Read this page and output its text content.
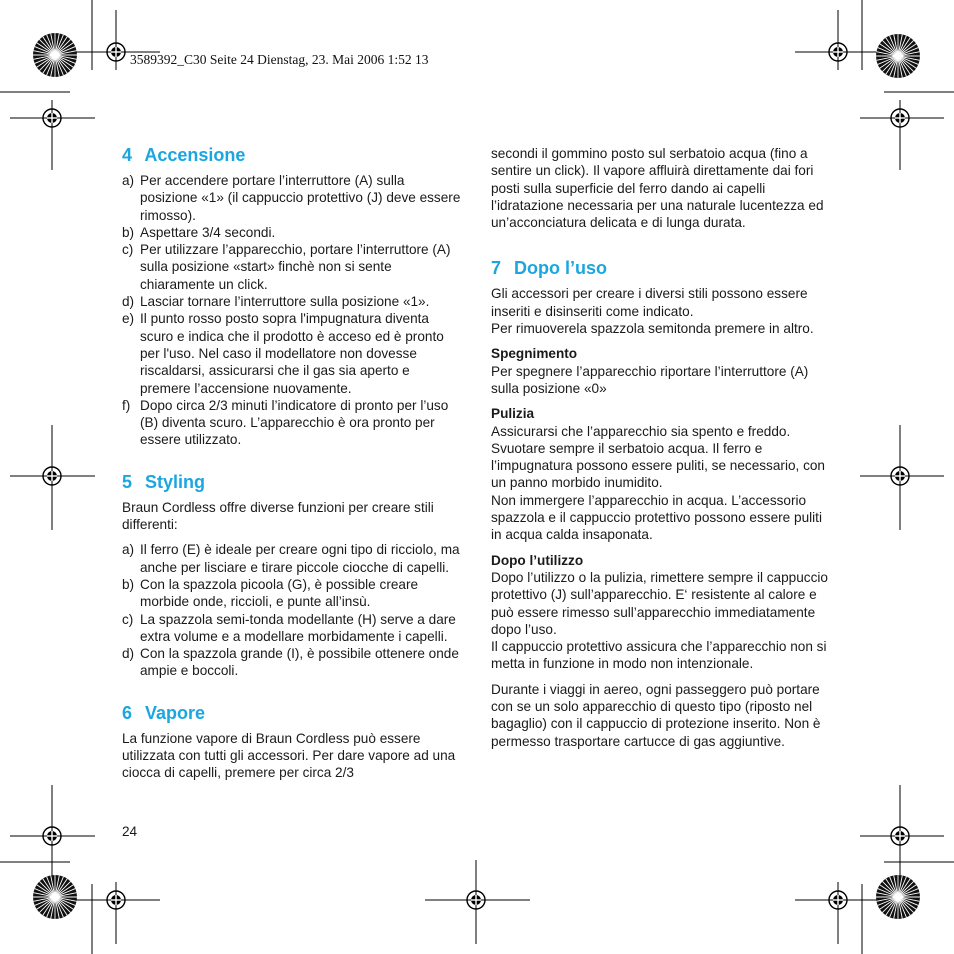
3589392_C30 Seite 24 Dienstag, 23. Mai 2006 1:52 13
4 Accensione
a) Per accendere portare l’interruttore (A) sulla posizione «1» (il cappuccio protettivo (J) deve essere rimosso).
b) Aspettare 3/4 secondi.
c) Per utilizzare l’apparecchio, portare l’interruttore (A) sulla posizione «start» finchè non si sente chiaramente un click.
d) Lasciar tornare l’interruttore sulla posizione «1».
e) Il punto rosso posto sopra l'impugnatura diventa scuro e indica che il prodotto è acceso ed è pronto per l'uso. Nel caso il modellatore non dovesse riscaldarsi, assicurarsi che il gas sia aperto e premere l’accensione nuovamente.
f) Dopo circa 2/3 minuti l’indicatore di pronto per l’uso (B) diventa scuro. L’apparecchio è ora pronto per essere utilizzato.
5 Styling

Braun Cordless offre diverse funzioni per creare stili differenti:

a) Il ferro (E) è ideale per creare ogni tipo di ricciolo, ma anche per lisciare e tirare piccole ciocche di capelli.
b) Con la spazzola picoola (G), è possible creare morbide onde, riccioli, e punte all’insù.
c) La spazzola semi-tonda modellante (H) serve a dare extra volume e a modellare morbidamente i capelli.
d) Con la spazzola grande (I), è possibile ottenere onde ampie e boccoli.
6 Vapore

La funzione vapore di Braun Cordless può essere utilizzata con tutti gli accessori. Per dare vapore ad una ciocca di capelli, premere per circa 2/3

24

secondi il gommino posto sul serbatoio acqua (fino a sentire un click). Il vapore affluirà direttamente dai fori posti sulla superficie del ferro dando ai capelli l’idratazione necessaria per una naturale lucentezza ed un’acconciatura delicata e di lunga durata.

7 Dopo l’uso

Gli accessori per creare i diversi stili possono essere inseriti e disinseriti come indicato.

Per rimuoverela spazzola semitonda premere in altro.

Spegnimento

Per spegnere l’apparecchio riportare l’interruttore (A) sulla posizione «0»

Pulizia

Assicurarsi che l’apparecchio sia spento e freddo. Svuotare sempre il serbatoio acqua. Il ferro e l’impugnatura possono essere puliti, se necessario, con un panno morbido inumidito.

Non immergere l’apparecchio in acqua. L’accessorio spazzola e il cappuccio protettivo possono essere puliti in acqua calda insaponata.

Dopo l’utilizzo

Dopo l’utilizzo o la pulizia, rimettere sempre il cappuccio protettivo (J) sull’apparecchio. E‘ resistente al calore e può essere rimesso sull’apparecchio immediatamente dopo l’uso.

Il cappuccio protettivo assicura che l’apparecchio non si metta in funzione in modo non intenzionale.

Durante i viaggi in aereo, ogni passeggero può portare con se un solo apparecchio di questo tipo (riposto nel bagaglio) con il cappuccio di protezione inserito. Non è permesso trasportare cartucce di gas aggiuntive.
